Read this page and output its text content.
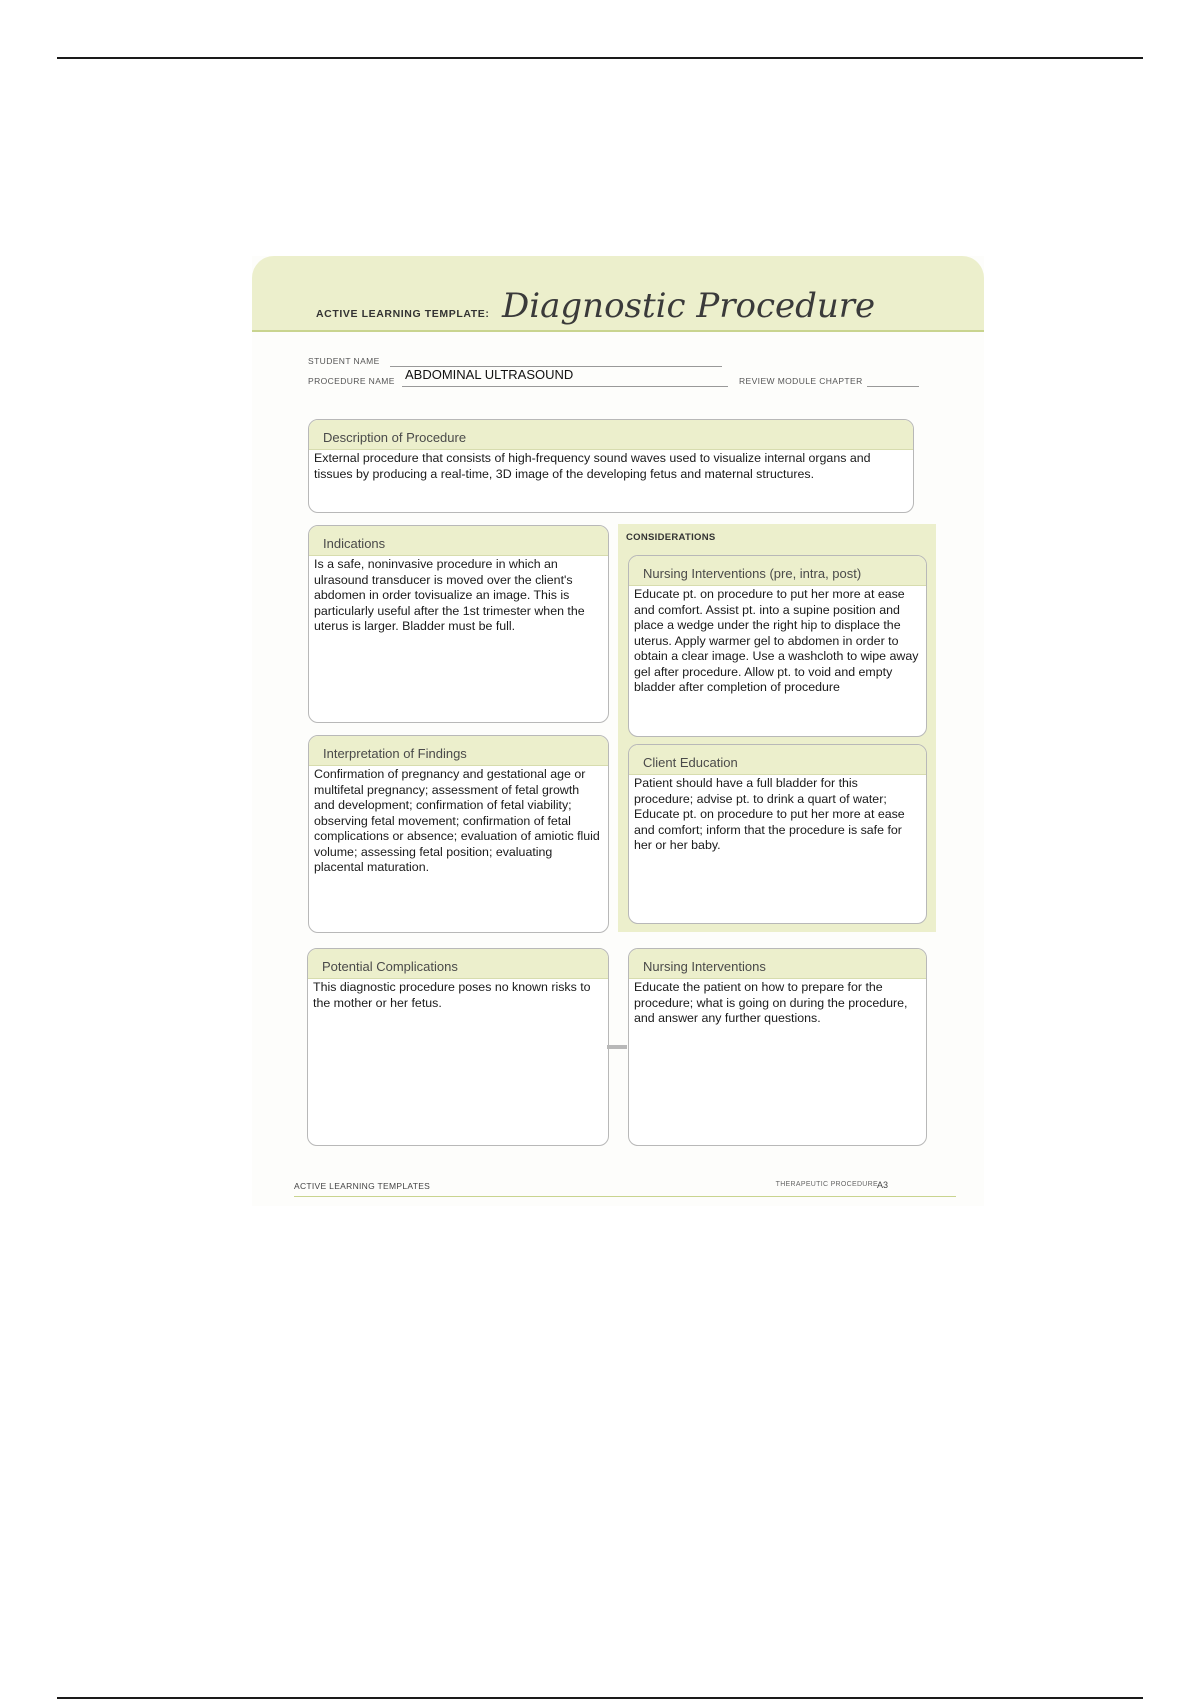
ACTIVE LEARNING TEMPLATE: Diagnostic Procedure
STUDENT NAME
PROCEDURE NAME ABDOMINAL ULTRASOUND	REVIEW MODULE CHAPTER
Description of Procedure
External procedure that consists of high-frequency sound waves used to visualize internal organs and tissues by producing a real-time, 3D image of the developing fetus and maternal structures.
Indications
Is a safe, noninvasive procedure in which an ulrasound transducer is moved over the client's abdomen in order tovisualize an image. This is particularly useful after the 1st trimester when the uterus is larger. Bladder must be full.
CONSIDERATIONS
Nursing Interventions (pre, intra, post)
Educate pt. on procedure to put her more at ease and comfort. Assist pt. into a supine position and place a wedge under the right hip to displace the uterus. Apply warmer gel to abdomen in order to obtain a clear image. Use a washcloth to wipe away gel after procedure. Allow pt. to void and empty bladder after completion of procedure
Interpretation of Findings
Confirmation of pregnancy and gestational age or multifetal pregnancy; assessment of fetal growth and development; confirmation of fetal viability; observing fetal movement; confirmation of fetal complications or absence; evaluation of amiotic fluid volume; assessing fetal position; evaluating placental maturation.
Client Education
Patient should have a full bladder for this procedure; advise pt. to drink a quart of water; Educate pt. on procedure to put her more at ease and comfort; inform that the procedure is safe for her or her baby.
Potential Complications
This diagnostic procedure poses no known risks to the mother or her fetus.
Nursing Interventions
Educate the patient on how to prepare for the procedure; what is going on during the procedure, and answer any further questions.
ACTIVE LEARNING TEMPLATES	THERAPEUTIC PROCEDURE
A3
